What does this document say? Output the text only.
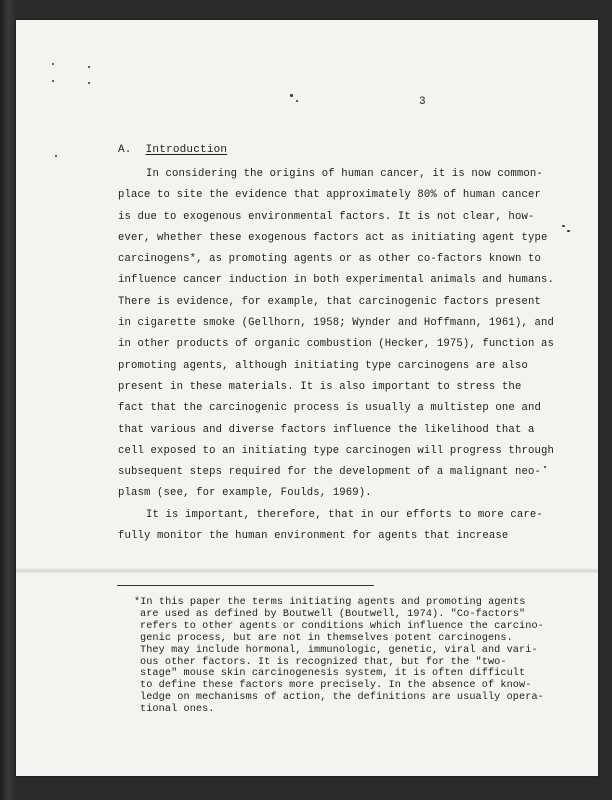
3
A. Introduction
In considering the origins of human cancer, it is now common-
place to site the evidence that approximately 80% of human cancer
is due to exogenous environmental factors. It is not clear, how-
ever, whether these exogenous factors act as initiating agent type
carcinogens*, as promoting agents or as other co-factors known to
influence cancer induction in both experimental animals and humans.
There is evidence, for example, that carcinogenic factors present
in cigarette smoke (Gellhorn, 1958; Wynder and Hoffmann, 1961), and
in other products of organic combustion (Hecker, 1975), function as
promoting agents, although initiating type carcinogens are also
present in these materials. It is also important to stress the
fact that the carcinogenic process is usually a multistep one and
that various and diverse factors influence the likelihood that a
cell exposed to an initiating type carcinogen will progress through
subsequent steps required for the development of a malignant neo-
plasm (see, for example, Foulds, 1969).
It is important, therefore, that in our efforts to more care-
fully monitor the human environment for agents that increase
*In this paper the terms initiating agents and promoting agents
are used as defined by Boutwell (Boutwell, 1974). "Co-factors"
refers to other agents or conditions which influence the carcino-
genic process, but are not in themselves potent carcinogens.
They may include hormonal, immunologic, genetic, viral and vari-
ous other factors. It is recognized that, but for the "two-
stage" mouse skin carcinogenesis system, it is often difficult
to define these factors more precisely. In the absence of know-
ledge on mechanisms of action, the definitions are usually opera-
tional ones.
